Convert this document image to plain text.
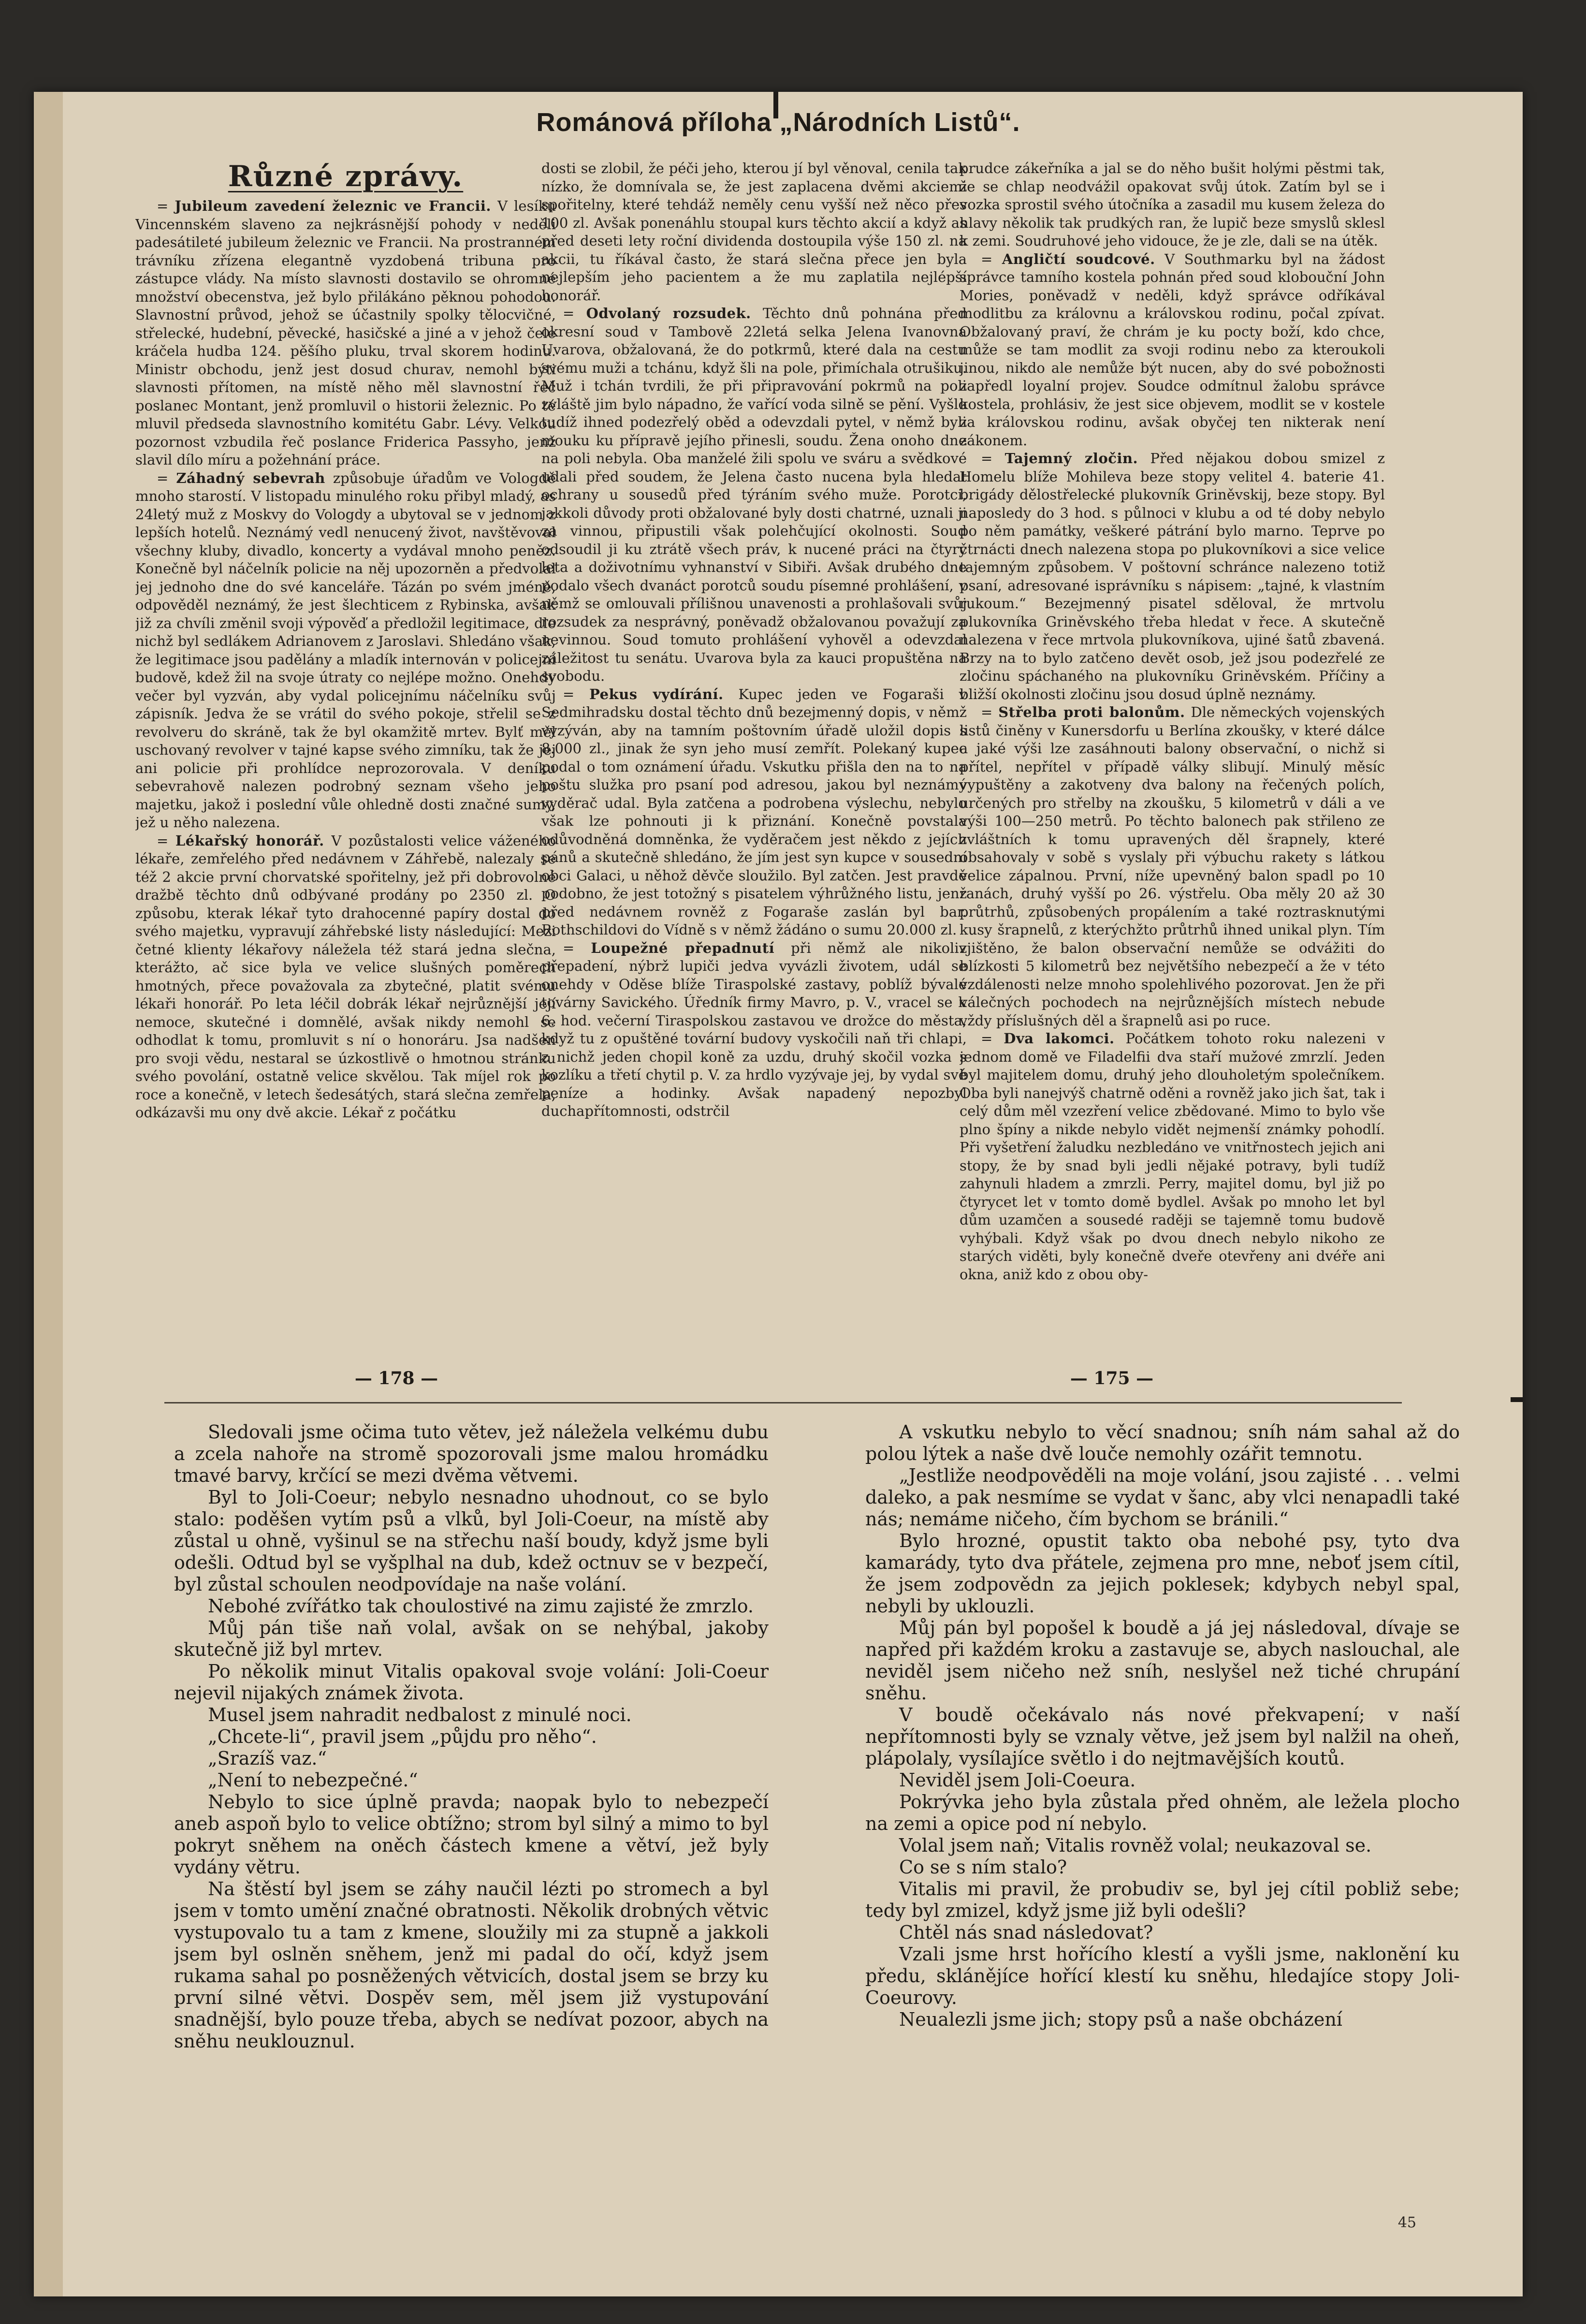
Románová příloha „Národních Listů“.
Různé zprávy.

= Jubileum zavedení železnic ve Francii. V lesíku Vincennském slaveno za nejkrásnější pohody v neděli padesátileté jubileum železnic ve Francii. Na prostranném trávníku zřízena elegantně vyzdobená tribuna pro zástupce vlády. Na místo slavnosti dostavilo se ohromné množství obecenstva, jež bylo přilákáno pěknou pohodou. Slavnostní průvod, jehož se účastnily spolky tělocvičné, střelecké, hudební, pěvecké, hasičské a jiné a v jehož čele kráčela hudba 124. pěšího pluku, trval skorem hodinu. Ministr obchodu, jenž jest dosud churav, nemohl býti slavnosti přítomen, na místě něho měl slavnostní řeč poslanec Montant, jenž promluvil o historii železnic. Po té mluvil předseda slavnostního komitétu Gabr. Lévy. Velkou pozornost vzbudila řeč poslance Friderica Passyho, jenž slavil dílo míru a požehnání práce.

= Záhadný sebevrah způsobuje úřadům ve Vologdě mnoho starostí. V listopadu minulého roku přibyl mladý, as 24letý muž z Moskvy do Vologdy a ubytoval se v jednom z lepších hotelů. Neznámý vedl nenucený život, navštěvoval všechny kluby, divadlo, koncerty a vydával mnoho peněz. Konečně byl náčelník policie na něj upozorněn a předvolal jej jednoho dne do své kanceláře. Tázán po svém jméně, odpověděl neznámý, že jest šlechticem z Rybinska, avšak již za chvíli změnil svoji výpověď a předložil legitimace, dle nichž byl sedlákem Adrianovem z Jaroslavi. Shledáno však, že legitimace jsou padělány a mladík internován v policejní budově, kdež žil na svoje útraty co nejlépe možno. Onehdy večer byl vyzván, aby vydal policejnímu náčelníku svůj zápisník. Jedva že se vrátil do svého pokoje, střelil se z revolveru do skráně, tak že byl okamžitě mrtev. Bylť měl uschovaný revolver v tajné kapse svého zimníku, tak že jej ani policie při prohlídce neprozorovala. V deníku sebevrahově nalezen podrobný seznam všeho jeho majetku, jakož i poslední vůle ohledně dosti značné sumy, jež u něho nalezena.

= Lékařský honorář. V pozůstalosti velice váženého lékaře, zemřelého před nedávnem v Záhřebě, nalezaly se též 2 akcie první chorvatské spořitelny, jež při dobrovolné dražbě těchto dnů odbývané prodány po 2350 zl. O způsobu, kterak lékař tyto drahocenné papíry dostal do svého majetku, vypravují záhřebské listy následující: Mezi četné klienty lékařovy náležela též stará jedna slečna, kterážto, ač sice byla ve velice slušných poměrech hmotných, přece považovala za zbytečné, platit svému lékaři honorář. Po leta léčil dobrák lékař nejrůznější její nemoce, skutečné i domnělé, avšak nikdy nemohl se odhodlat k tomu, promluvit s ní o honoráru. Jsa nadšen pro svoji vědu, nestaral se úzkostlivě o hmotnou stránku svého povolání, ostatně velice skvělou. Tak míjel rok po roce a konečně, v letech šedesátých, stará slečna zemřela, odkázavši mu ony dvě akcie. Lékař z počátku

dosti se zlobil, že péči jeho, kterou jí byl věnoval, cenila tak nízko, že domnívala se, že jest zaplacena dvěmi akciemi spořitelny, které tehdáž neměly cenu vyšší než něco přes 100 zl. Avšak ponenáhlu stoupal kurs těchto akcií a když as před deseti lety roční dividenda dostoupila výše 150 zl. na akcii, tu říkával často, že stará slečna přece jen byla nejlepším jeho pacientem a že mu zaplatila nejlépší honorář.

= Odvolaný rozsudek. Těchto dnů pohnána před okresní soud v Tambově 22letá selka Jelena Ivanovna Uvarova, obžalovaná, že do potkrmů, které dala na cestu svému muži a tchánu, když šli na pole, přimíchala otrušiku. Muž i tchán tvrdili, že při připravování pokrmů na poli zvláště jim bylo nápadno, že vařící voda silně se pění. Vyšlo tudíž ihned podezřelý oběd a odevzdali pytel, v němž byli mouku ku přípravě jejího přinesli, soudu. Žena onoho dne na poli nebyla. Oba manželé žili spolu ve sváru a svědkové udali před soudem, že Jelena často nucena byla hledat ochrany u sousedů před týráním svého muže. Porotci, jakkoli důvody proti obžalované byly dosti chatrné, uznali ji za vinnou, připustili však polehčující okolnosti. Soud odsoudil ji ku ztrátě všech práv, k nucené práci na čtyry leta a doživotnímu vyhnanství v Sibiři. Avšak drubého dne podalo všech dvanáct porotců soudu písemné prohlášení, v němž se omlouvali přílišnou unavenosti a prohlašovali svůj rozsudek za nesprávný, poněvadž obžalovanou považují za nevinnou. Soud tomuto prohlášení vyhověl a odevzdal záležitost tu senátu. Uvarova byla za kauci propuštěna na svobodu.

= Pekus vydírání. Kupec jeden ve Fogaraši v Sedmihradsku dostal těchto dnů bezejmenný dopis, v němž vyzýván, aby na tamním poštovním úřadě uložil dopis s 8.000 zl., jinak že syn jeho musí zemřít. Polekaný kupec podal o tom oznámení úřadu. Vskutku přišla den na to na poštu služka pro psaní pod adresou, jakou byl neznámý vyděrač udal. Byla zatčena a podrobena výslechu, nebylo však lze pohnouti ji k přiznání. Konečně povstala odůvodněná domněnka, že vyděračem jest někdo z jejích pánů a skutečně shledáno, že jím jest syn kupce v sousední obci Galaci, u něhož děvče sloužilo. Byl zatčen. Jest pravdě podobno, že jest totožný s pisatelem výhrůžného listu, jenž před nedávnem rovněž z Fogaraše zaslán byl bar. Rothschildovi do Vídně s v němž žádáno o sumu 20.000 zl.

= Loupežné přepadnutí při němž ale nikoliv přepadení, nýbrž lupiči jedva vyvázli životem, udál se onehdy v Oděse blíže Tiraspolské zastavy, poblíž bývalé továrny Savického. Úředník firmy Mavro, p. V., vracel se k 6. hod. večerní Tiraspolskou zastavou ve drožce do města, když tu z opuštěné tovární budovy vyskočili naň tři chlapi, z nichž jeden chopil koně za uzdu, druhý skočil vozka s kozlíku a třetí chytil p. V. za hrdlo vyzývaje jej, by vydal své peníze a hodinky. Avšak napadený nepozbyl duchapřítomnosti, odstrčil

prudce zákeřníka a jal se do něho bušit holými pěstmi tak, že se chlap neodvážil opakovat svůj útok. Zatím byl se i vozka sprostil svého útočníka a zasadil mu kusem železa do hlavy několik tak prudkých ran, že lupič beze smyslů sklesl k zemi. Soudruhové jeho vidouce, že je zle, dali se na útěk.

= Angličtí soudcové. V Southmarku byl na žádost správce tamního kostela pohnán před soud klobouční John Mories, poněvadž v neděli, když správce odříkával modlitbu za královnu a královskou rodinu, počal zpívat. Obžalovaný praví, že chrám je ku pocty boží, kdo chce, může se tam modlit za svoji rodinu nebo za kteroukoli jinou, nikdo ale nemůže být nucen, aby do své pobožnosti zapředl loyalní projev. Soudce odmítnul žalobu správce kostela, prohlásiv, že jest sice objevem, modlit se v kostele za královskou rodinu, avšak obyčej ten nikterak není zákonem.

= Tajemný zločin. Před nějakou dobou smizel z Homelu blíže Mohileva beze stopy velitel 4. baterie 41. brigády dělostřelecké plukovník Griněvskij, beze stopy. Byl naposledy do 3 hod. s půlnoci v klubu a od té doby nebylo po něm památky, veškeré pátrání bylo marno. Teprve po čtrnácti dnech nalezena stopa po plukovníkovi a sice velice tajemným způsobem. V poštovní schránce nalezeno totiž psaní, adresované isprávníku s nápisem: „tajné, k vlastním rukoum.“ Bezejmenný pisatel sděloval, že mrtvolu plukovníka Griněvského třeba hledat v řece. A skutečně nalezena v řece mrtvola plukovníkova, ujiné šatů zbavená. Brzy na to bylo zatčeno devět osob, jež jsou podezřelé ze zločinu spáchaného na plukovníku Griněvském. Příčiny a bližší okolnosti zločinu jsou dosud úplně neznámy.

= Střelba proti balonům. Dle německých vojenských listů činěny v Kunersdorfu u Berlína zkoušky, v které dálce a jaké výši lze zasáhnouti balony observační, o nichž si přítel, nepřítel v případě války slibují. Minulý měsíc vypuštěny a zakotveny dva balony na řečených polích, určených pro střelby na zkoušku, 5 kilometrů v dáli a ve výši 100—250 metrů. Po těchto balonech pak střileno ze zvláštních k tomu upravených děl šrapnely, které obsahovaly v sobě s vyslaly při výbuchu rakety s látkou velice zápalnou. První, níže upevněný balon spadl po 10 ranách, druhý vyšší po 26. výstřelu. Oba měly 20 až 30 průtrhů, způsobených propálením a také roztrasknutými kusy šrapnelů, z kterýchžto průtrhů ihned unikal plyn. Tím zjištěno, že balon observační nemůže se odvážiti do blízkosti 5 kilometrů bez největšího nebezpečí a že v této vzdálenosti nelze mnoho spolehlivého pozorovat. Jen že při válečných pochodech na nejrůznějších místech nebude vždy příslušných děl a šrapnelů asi po ruce.

= Dva lakomci. Počátkem tohoto roku nalezeni v jednom domě ve Filadelfii dva staří mužové zmrzlí. Jeden byl majitelem domu, druhý jeho dlouholetým společníkem. Oba byli nanejvýš chatrně oděni a rovněž jako jich šat, tak i celý dům měl vzezření velice zbědované. Mimo to bylo vše plno špíny a nikde nebylo vidět nejmenší známky pohodlí. Při vyšetření žaludku nezbledáno ve vnitřnostech jejich ani stopy, že by snad byli jedli nějaké potravy, byli tudíž zahynuli hladem a zmrzli. Perry, majitel domu, byl již po čtyrycet let v tomto domě bydlel. Avšak po mnoho let byl dům uzamčen a sousedé raději se tajemně tomu budově vyhýbali. Když však po dvou dnech nebylo nikoho ze starých viděti, byly konečně dveře otevřeny ani dvéře ani okna, aniž kdo z obou oby-

— 178 —	— 175 —

Sledovali jsme očima tuto větev, jež náležela velkému dubu a zcela nahoře na stromě spozorovali jsme malou hromádku tmavé barvy, krčící se mezi dvěma větvemi.

Byl to Joli-Coeur; nebylo nesnadno uhodnout, co se bylo stalo: poděšen vytím psů a vlků, byl Joli-Coeur, na místě aby zůstal u ohně, vyšinul se na střechu naší boudy, když jsme byli odešli. Odtud byl se vyšplhal na dub, kdež octnuv se v bezpečí, byl zůstal schoulen neodpovídaje na naše volání.

Nebohé zvířátko tak choulostivé na zimu zajisté že zmrzlo.

Můj pán tiše naň volal, avšak on se nehýbal, jakoby skutečně již byl mrtev.

Po několik minut Vitalis opakoval svoje volání: Joli-Coeur nejevil nijakých známek života.

Musel jsem nahradit nedbalost z minulé noci.

„Chcete-li“, pravil jsem „půjdu pro něho“.

„Srazíš vaz.“

„Není to nebezpečné.“

Nebylo to sice úplně pravda; naopak bylo to nebezpečí aneb aspoň bylo to velice obtížno; strom byl silný a mimo to byl pokryt sněhem na oněch částech kmene a větví, jež byly vydány větru.

Na štěstí byl jsem se záhy naučil lézti po stromech a byl jsem v tomto umění značné obratnosti. Několik drobných větvic vystupovalo tu a tam z kmene, sloužily mi za stupně a jakkoli jsem byl oslněn sněhem, jenž mi padal do očí, když jsem rukama sahal po posněžených větvicích, dostal jsem se brzy ku první silné větvi. Dospěv sem, měl jsem již vystupování snadnější, bylo pouze třeba, abych se nedívat pozoor, abych na sněhu neuklouznul.

A vskutku nebylo to věcí snadnou; sníh nám sahal až do polou lýtek a naše dvě louče nemohly ozářit temnotu.

„Jestliže neodpověděli na moje volání, jsou zajisté . . . velmi daleko, a pak nesmíme se vydat v šanc, aby vlci nenapadli také nás; nemáme ničeho, čím bychom se bránili.“

Bylo hrozné, opustit takto oba nebohé psy, tyto dva kamarády, tyto dva přátele, zejmena pro mne, neboť jsem cítil, že jsem zodpovědn za jejich poklesek; kdybych nebyl spal, nebyli by uklouzli.

Můj pán byl popošel k boudě a já jej následoval, dívaje se napřed při každém kroku a zastavuje se, abych naslouchal, ale neviděl jsem ničeho než sníh, neslyšel než tiché chrupání sněhu.

V boudě očekávalo nás nové překvapení; v naší nepřítomnosti byly se vznaly větve, jež jsem byl nalžil na oheň, plápolaly, vysílajíce světlo i do nejtmavějších koutů.

Neviděl jsem Joli-Coeura.

Pokrývka jeho byla zůstala před ohněm, ale ležela plocho na zemi a opice pod ní nebylo.

Volal jsem naň; Vitalis rovněž volal; neukazoval se.

Co se s ním stalo?

Vitalis mi pravil, že probudiv se, byl jej cítil pobliž sebe; tedy byl zmizel, když jsme již byli odešli?

Chtěl nás snad následovat?

Vzali jsme hrst hořícího klestí a vyšli jsme, naklonění ku předu, sklánějíce hořící klestí ku sněhu, hledajíce stopy Joli-Coeurovy.

Neualezli jsme jich; stopy psů a naše obcházení

45
